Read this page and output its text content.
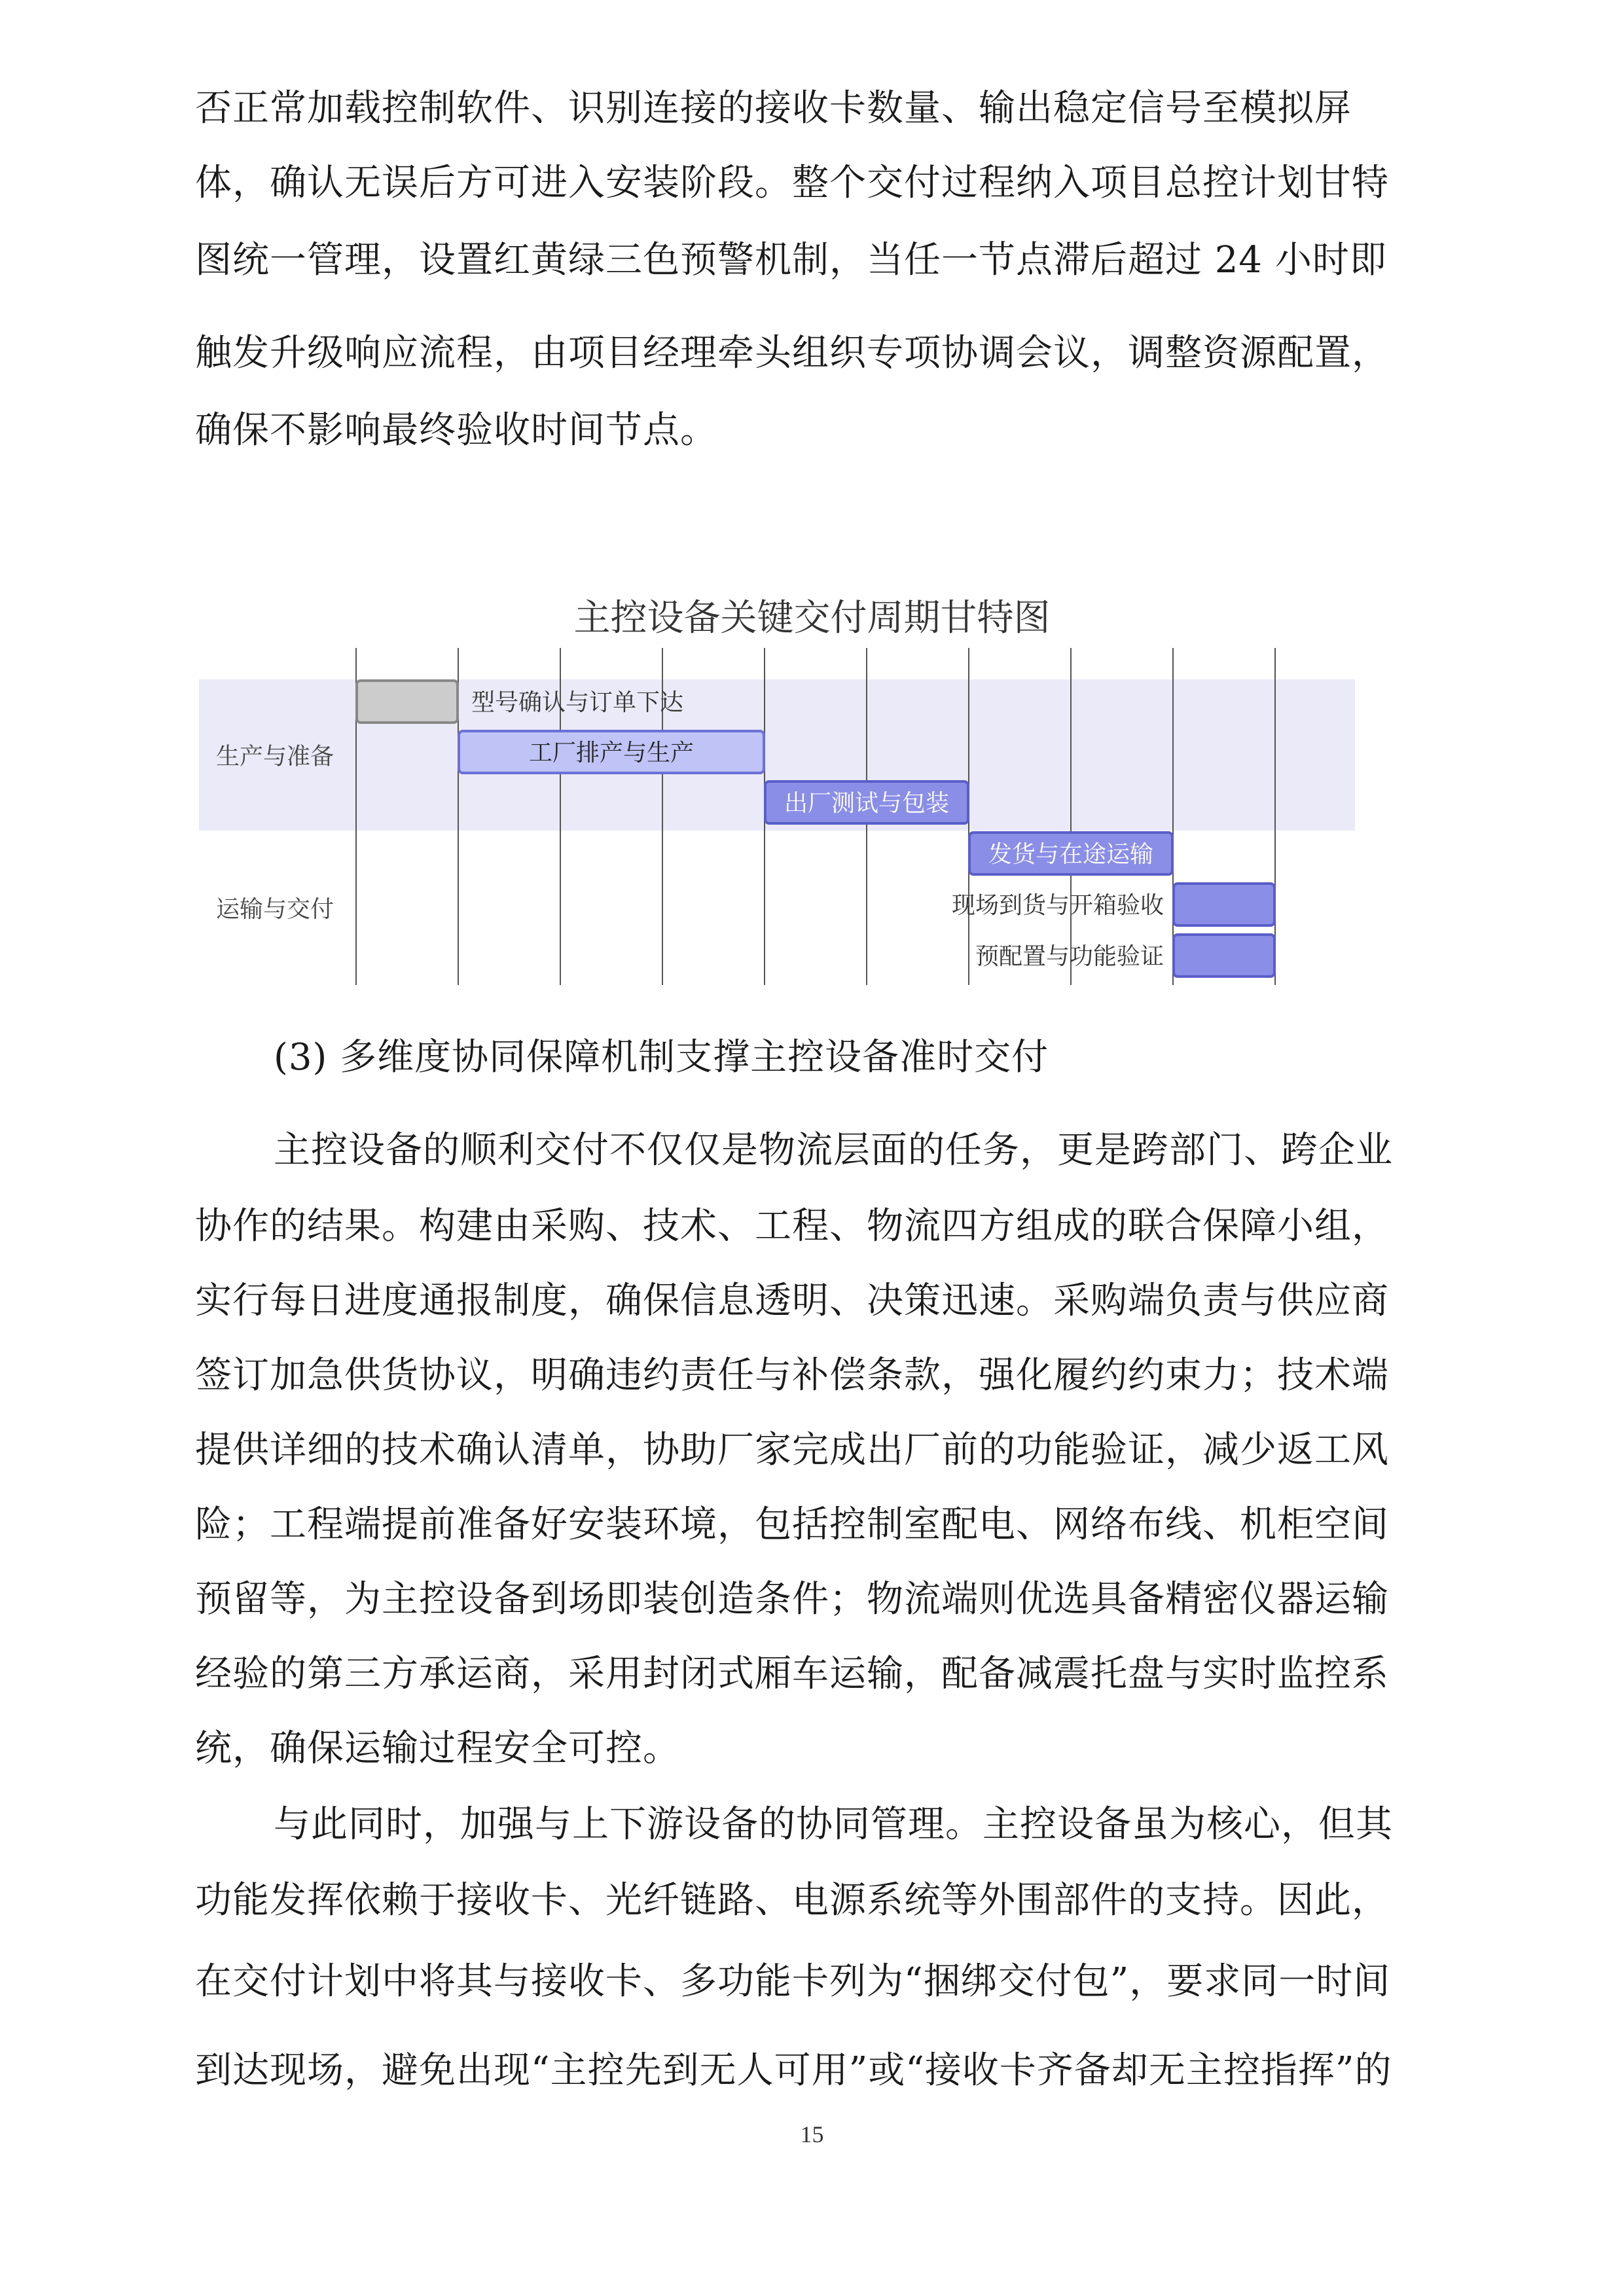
否正常加载控制软件、识别连接的接收卡数量、输出稳定信号至模拟屏
体，确认无误后方可进入安装阶段。整个交付过程纳入项目总控计划甘特
图统一管理，设置红黄绿三色预警机制，当任一节点滞后超过 24 小时即
触发升级响应流程，由项目经理牵头组织专项协调会议，调整资源配置，
确保不影响最终验收时间节点。
主控设备关键交付周期甘特图
生产与准备
运输与交付
型号确认与订单下达
工厂排产与生产
出厂测试与包装
发货与在途运输
现场到货与开箱验收
预配置与功能验证
(3) 多维度协同保障机制支撑主控设备准时交付
主控设备的顺利交付不仅仅是物流层面的任务，更是跨部门、跨企业
协作的结果。构建由采购、技术、工程、物流四方组成的联合保障小组，
实行每日进度通报制度，确保信息透明、决策迅速。采购端负责与供应商
签订加急供货协议，明确违约责任与补偿条款，强化履约约束力；技术端
提供详细的技术确认清单，协助厂家完成出厂前的功能验证，减少返工风
险；工程端提前准备好安装环境，包括控制室配电、网络布线、机柜空间
预留等，为主控设备到场即装创造条件；物流端则优选具备精密仪器运输
经验的第三方承运商，采用封闭式厢车运输，配备减震托盘与实时监控系
统，确保运输过程安全可控。
与此同时，加强与上下游设备的协同管理。主控设备虽为核心，但其
功能发挥依赖于接收卡、光纤链路、电源系统等外围部件的支持。因此，
在交付计划中将其与接收卡、多功能卡列为“捆绑交付包”，要求同一时间
到达现场，避免出现“主控先到无人可用”或“接收卡齐备却无主控指挥”的
15
